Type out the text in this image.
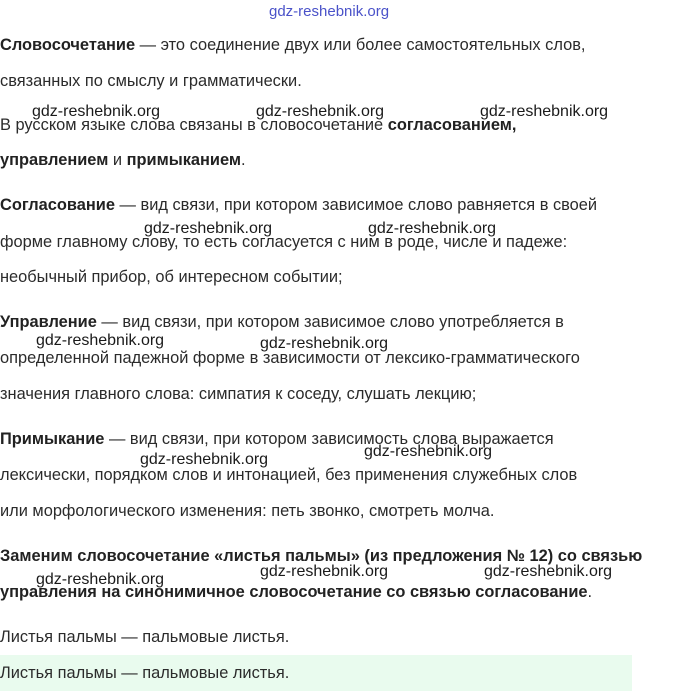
gdz-reshebnik.org
Словосочетание — это соединение двух или более самостоятельных слов,
связанных по смыслу и грамматически.
В русском языке слова связаны в словосочетание согласованием,
управлением и примыканием.
Согласование — вид связи, при котором зависимое слово равняется в своей
форме главному слову, то есть согласуется с ним в роде, числе и падеже:
необычный прибор, об интересном событии;
Управление — вид связи, при котором зависимое слово употребляется в
определенной падежной форме в зависимости от лексико-грамматического
значения главного слова: симпатия к соседу, слушать лекцию;
Примыкание — вид связи, при котором зависимость слова выражается
лексически, порядком слов и интонацией, без применения служебных слов
или морфологического изменения: петь звонко, смотреть молча.
Заменим словосочетание «листья пальмы» (из предложения № 12) со связью
управления на синонимичное словосочетание со связью согласование.
Листья пальмы — пальмовые листья.
Листья пальмы — пальмовые листья.
gdz-reshebnik.org	gdz-reshebnik.org	gdz-reshebnik.org
gdz-reshebnik.org	gdz-reshebnik.org
gdz-reshebnik.org	gdz-reshebnik.org
gdz-reshebnik.org
gdz-reshebnik.org
gdz-reshebnik.org	gdz-reshebnik.org
gdz-reshebnik.org
